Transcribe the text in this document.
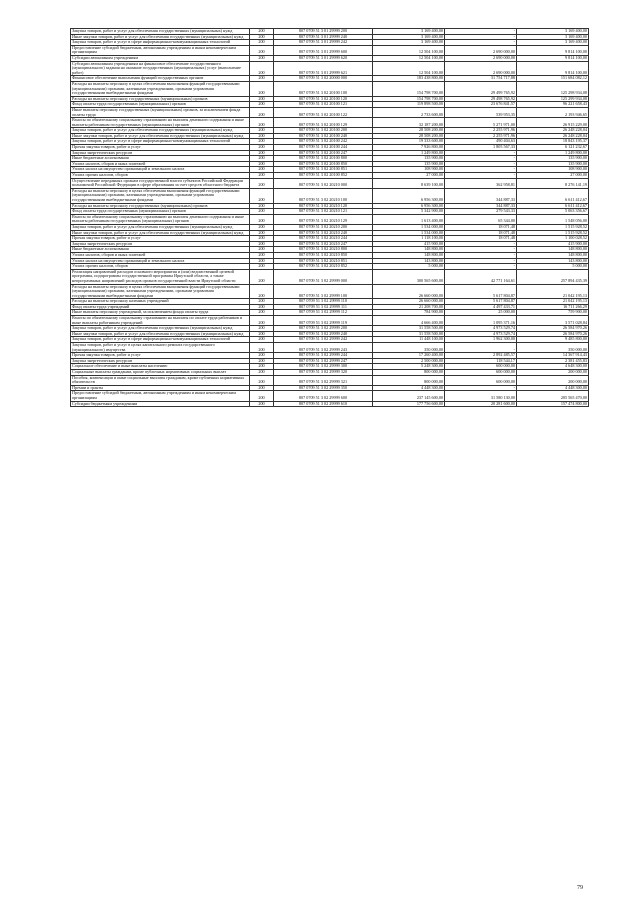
Закупка товаров, работ и услуг для обеспечения государственных (муниципальных) нужд	200	807 0709 51 3 01 29999 200	3 169 400,00	-	3 169 400,00
Иные закупки товаров, работ и услуг для обеспечения государственных (муниципальных) нужд	200	807 0709 51 3 01 29999 240	3 169 400,00	-	3 169 400,00
Закупка товаров, работ и услуг в сфере информационно-коммуникационных технологий	200	807 0709 51 3 01 29999 242	3 169 400,00	-	3 169 400,00
Предоставление субсидий бюджетным, автономным учреждениям и иным некоммерческим организациям	200	807 0709 51 3 01 29999 600	12 504 100,00	2 690 000,00	9 814 100,00
Субсидии автономным учреждениям	200	807 0709 51 3 01 29999 620	12 504 100,00	2 690 000,00	9 814 100,00
Субсидии автономным учреждениям на финансовое обеспечение государственного (муниципального) задания на оказание государственных (муниципальных) услуг (выполнение работ)	200	807 0709 51 3 01 29999 621	12 504 100,00	2 690 000,00	9 814 100,00
Финансовое обеспечение выполнения функций государственных органов	200	807 0709 51 3 02 20000 000	183 438 800,00	31 754 717,88	151 684 082,12
Расходы на выплаты персоналу в целях обеспечения выполнения функций государственными (муниципальными) органами, казенными учреждениями, органами управления государственными внебюджетными фондами	200	807 0709 51 3 02 20100 100	154 798 700,00	29 499 765,92	125 298 934,08
Расходы на выплаты персоналу государственных (муниципальных) органов	200	807 0709 51 3 02 20100 120	154 798 700,00	29 498 765,92	125 299 934,08
Фонд оплаты труда государственных (муниципальных) органов	200	807 0709 51 3 02 20100 121	119 898 500,00	23 676 841,57	96 221 658,43
Иные выплаты персоналу государственных (муниципальных) органов, за исключением фонда оплаты труда	200	807 0709 51 3 02 20100 122	2 733 600,00	539 953,35	2 193 946,65
Взносы по обязательному социальному страхованию на выплаты денежного содержания и иные выплаты работникам государственных (муниципальных) органов	200	807 0709 51 3 02 20100 129	32 187 200,00	5 271 971,00	26 915 229,00
Закупка товаров, работ и услуг для обеспечения государственных (муниципальных) нужд	200	807 0709 51 3 02 20100 200	28 508 200,00	2 255 971,96	26 248 228,04
Иные закупки товаров, работ и услуг для обеспечения государственных (муниципальных) нужд	200	807 0709 51 3 02 20100 240	28 508 200,00	2 255 971,96	26 248 228,04
Закупка товаров, работ и услуг в сфере информационно-коммуникационных технологий	200	807 0709 51 3 02 20100 242	19 333 600,00	490 404,63	18 843 195,37
Прочая закупка товаров, работ и услуг	200	807 0709 51 3 02 20100 244	7 926 800,00	1 805 567,33	6 121 232,67
Закупка энергетических ресурсов	200	807 0709 51 3 02 20100 247	1 249 800,00	-	1 249 800,00
Иные бюджетные ассигнования	200	807 0709 51 3 02 20100 800	135 900,00	-	135 900,00
Уплата налогов, сборов и иных платежей	200	807 0709 51 3 02 20100 850	135 900,00	-	135 900,00
Уплата налога на имущество организаций и земельного налога	200	807 0709 51 3 02 20100 851	108 900,00	-	108 900,00
Уплата прочих налогов, сборов	200	807 0709 51 3 02 20100 852	27 000,00	-	27 000,00
Осуществление переданных органам государственной власти субъектов Российской Федерации полномочий Российской Федерации в сфере образования за счет средств областного бюджета	200	807 0709 51 3 02 20210 000	8 639 100,00	362 958,81	8 276 141,19
Расходы на выплаты персоналу в целях обеспечения выполнения функций государственными (муниципальными) органами, казенными учреждениями, органами управления государственными внебюджетными фондами	200	807 0709 51 3 02 20210 100	6 956 300,00	344 887,33	6 611 412,67
Расходы на выплаты персоналу государственных (муниципальных) органов	200	807 0709 51 3 02 20210 120	6 956 300,00	344 887,33	6 611 412,67
Фонд оплаты труда государственных (муниципальных) органов	200	807 0709 51 3 02 20210 121	5 342 900,00	279 543,33	5 063 356,67
Взносы по обязательному социальному страхованию на выплаты денежного содержания и иные выплаты работникам государственных (муниципальных) органов	200	807 0709 51 3 02 20210 129	1 613 400,00	65 344,00	1 548 056,00
Закупка товаров, работ и услуг для обеспечения государственных (муниципальных) нужд	200	807 0709 51 3 02 20210 200	1 534 000,00	18 071,48	1 515 928,52
Иные закупки товаров, работ и услуг для обеспечения государственных (муниципальных) нужд	200	807 0709 51 3 02 20210 240	1 534 000,00	18 071,48	1 515 928,52
Прочая закупка товаров, работ и услуг	200	807 0709 51 3 02 20210 244	1 118 100,00	18 071,48	1 100 028,52
Закупка энергетических ресурсов	200	807 0709 51 3 02 20210 247	415 900,00	-	415 900,00
Иные бюджетные ассигнования	200	807 0709 51 3 02 20210 800	148 800,00	-	148 800,00
Уплата налогов, сборов и иных платежей	200	807 0709 51 3 02 20210 850	148 800,00	-	148 800,00
Уплата налога на имущество организаций и земельного налога	200	807 0709 51 3 02 20210 851	143 800,00	-	143 800,00
Уплата прочих налогов, сборов	200	807 0709 51 3 02 20210 852	5 000,00	-	5 000,00
Реализация направлений расходов основного мероприятия и (или) ведомственной целевой программы, подпрограммы государственной программы Иркутской области, а также непрограммных направлений расходов органов государственной власти Иркутской области	200	807 0709 51 3 02 29999 000	300 565 600,00	42 771 164,61	257 894 435,39
Расходы на выплаты персоналу в целях обеспечения выполнения функций государственными (муниципальными) органами, казенными учреждениями, органами управления государственными внебюджетными фондами	200	807 0709 51 3 02 29999 100	26 660 000,00	5 617 804,87	21 042 195,13
Расходы на выплаты персоналу казенных учреждений	200	807 0709 51 3 02 29999 110	26 660 000,00	5 617 804,87	21 042 195,13
Фонд оплаты труда учреждений	200	807 0709 51 3 02 29999 111	21 208 700,00	4 497 433,71	16 711 266,29
Иные выплаты персоналу учреждений, за исключением фонда оплаты труда	200	807 0709 51 3 02 29999 112	784 900,00	25 000,00	759 900,00
Взносы по обязательному социальному страхованию на выплаты по оплате труда работников и иные выплаты работникам учреждений	200	807 0709 51 3 02 29999 119	4 666 400,00	1 095 371,16	3 571 028,84
Закупка товаров, работ и услуг для обеспечения государственных (муниципальных) нужд	200	807 0709 51 3 02 29999 200	31 558 500,00	4 973 529,74	26 584 970,26
Иные закупки товаров, работ и услуг для обеспечения государственных (муниципальных) нужд	200	807 0709 51 3 02 29999 240	31 558 500,00	4 973 529,74	26 584 970,26
Закупка товаров, работ и услуг в сфере информационно-коммуникационных технологий	200	807 0709 51 3 02 29999 242	11 448 100,00	1 962 300,00	9 485 800,00
Закупка товаров, работ и услуг в целях капитального ремонта государственного (муниципального) имущества	200	807 0709 51 3 02 29999 243	350 000,00	-	350 000,00
Прочая закупка товаров, работ и услуг	200	807 0709 51 3 02 29999 244	17 260 400,00	2 892 485,57	14 367 914,43
Закупка энергетических ресурсов	200	807 0709 51 3 02 29999 247	2 500 000,00	118 544,17	2 381 455,83
Социальное обеспечение и иные выплаты населению	200	807 0709 51 3 02 29999 300	5 248 300,00	600 000,00	4 648 300,00
Социальные выплаты гражданам, кроме публичных нормативных социальных выплат	200	807 0709 51 3 02 29999 320	800 000,00	600 000,00	200 000,00
Пособия, компенсации и иные социальные выплаты гражданам, кроме публичных нормативных обязательств	200	807 0709 51 3 02 29999 321	800 000,00	600 000,00	200 000,00
Премии и гранты	200	807 0709 51 3 02 29999 350	4 448 300,00	-	4 448 300,00
Предоставление субсидий бюджетным, автономным учреждениям и иным некоммерческим организациям	200	807 0709 51 3 02 29999 600	237 145 600,00	31 580 130,00	205 565 470,00
Субсидии бюджетным учреждениям	200	807 0709 51 3 02 29999 610	177 756 600,00	20 281 600,00	157 474 800,00
79
